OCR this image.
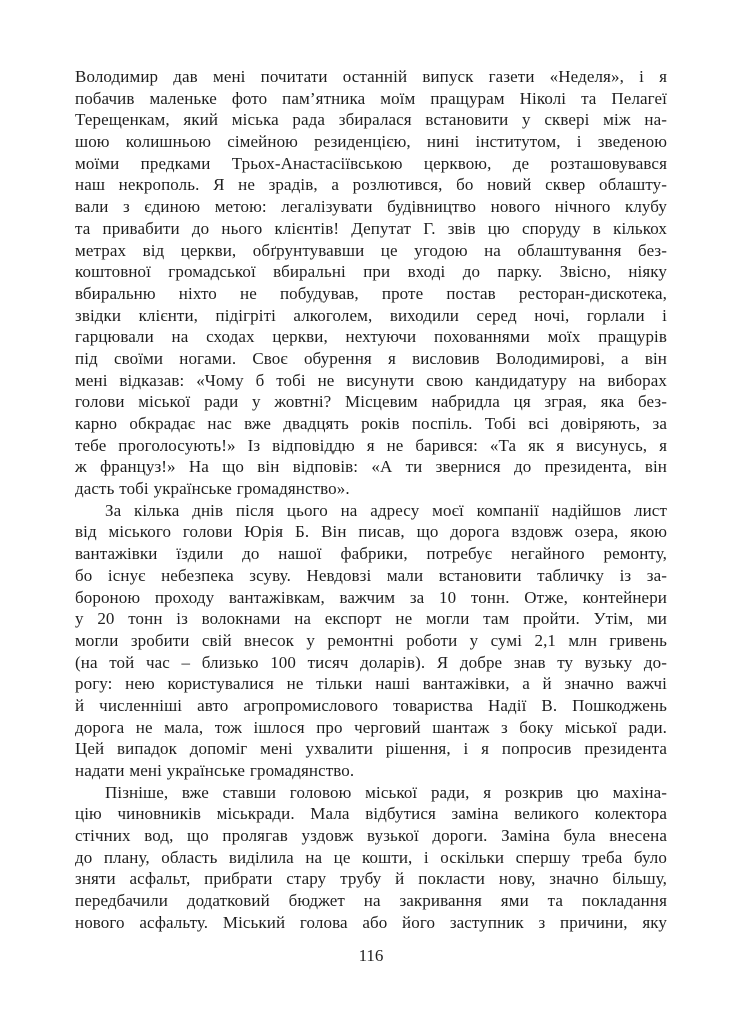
Володимир дав мені почитати останній випуск газети «Неделя», і я
побачив маленьке фото пам’ятника моїм пращурам Ніколі та Пелагеї
Терещенкам, який міська рада збиралася встановити у сквері між на-
шою колишньою сімейною резиденцією, нині інститутом, і зведеною
моїми предками Трьох-Анастасіївською церквою, де розташовувався
наш некрополь. Я не зрадів, а розлютився, бо новий сквер облашту-
вали з єдиною метою: легалізувати будівництво нового нічного клубу
та привабити до нього клієнтів! Депутат Г. звів цю споруду в кількох
метрах від церкви, обґрунтувавши це угодою на облаштування без-
коштовної громадської вбиральні при вході до парку. Звісно, ніяку
вбиральню ніхто не побудував, проте постав ресторан-дискотека,
звідки клієнти, підігріті алкоголем, виходили серед ночі, горлали і
гарцювали на сходах церкви, нехтуючи похованнями моїх пращурів
під своїми ногами. Своє обурення я висловив Володимирові, а він
мені відказав: «Чому б тобі не висунути свою кандидатуру на виборах
голови міської ради у жовтні? Місцевим набридла ця зграя, яка без-
карно обкрадає нас вже двадцять років поспіль. Тобі всі довіряють, за
тебе проголосують!» Із відповіддю я не барився: «Та як я висунусь, я
ж француз!» На що він відповів: «А ти звернися до президента, він
дасть тобі українське громадянство».

За кілька днів після цього на адресу моєї компанії надійшов лист
від міського голови Юрія Б. Він писав, що дорога вздовж озера, якою
вантажівки їздили до нашої фабрики, потребує негайного ремонту,
бо існує небезпека зсуву. Невдовзі мали встановити табличку із за-
бороною проходу вантажівкам, важчим за 10 тонн. Отже, контейнери
у 20 тонн із волокнами на експорт не могли там пройти. Утім, ми
могли зробити свій внесок у ремонтні роботи у сумі 2,1 млн гривень
(на той час – близько 100 тисяч доларів). Я добре знав ту вузьку до-
рогу: нею користувалися не тільки наші вантажівки, а й значно важчі
й численніші авто агропромислового товариства Надії В. Пошкоджень
дорога не мала, тож ішлося про черговий шантаж з боку міської ради.
Цей випадок допоміг мені ухвалити рішення, і я попросив президента
надати мені українське громадянство.

Пізніше, вже ставши головою міської ради, я розкрив цю махіна-
цію чиновників міськради. Мала відбутися заміна великого колектора
стічних вод, що пролягав уздовж вузької дороги. Заміна була внесена
до плану, область виділила на це кошти, і оскільки спершу треба було
зняти асфальт, прибрати стару трубу й покласти нову, значно більшу,
передбачили додатковий бюджет на закривання ями та покладання
нового асфальту. Міський голова або його заступник з причини, яку

116
